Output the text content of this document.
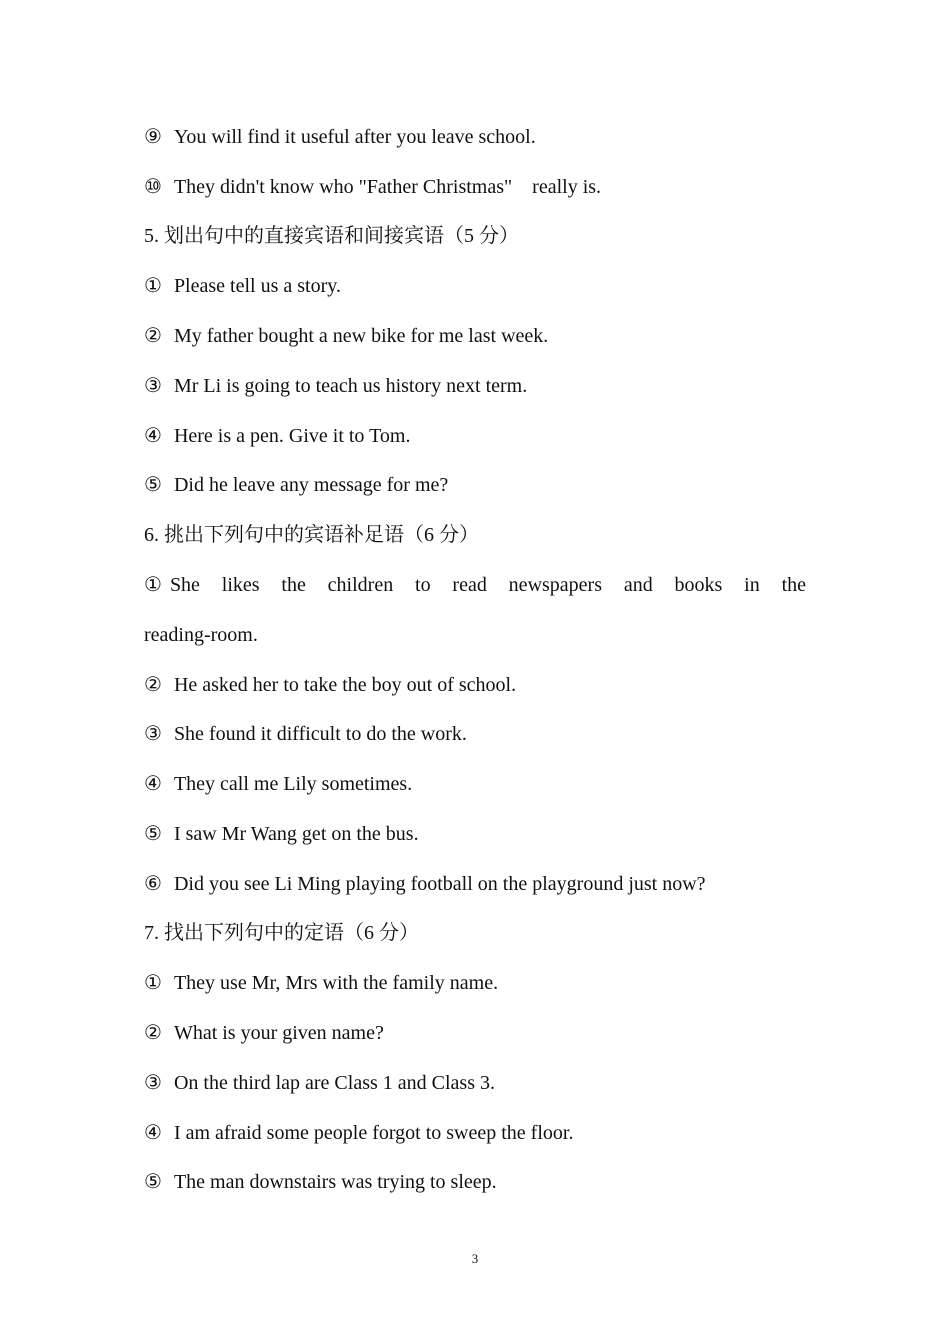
⑨ You will find it useful after you leave school.
⑩ They didn't know who "Father Christmas"    really is.
5. 划出句中的直接宾语和间接宾语（5 分）
① Please tell us a story.
② My father bought a new bike for me last week.
③ Mr Li is going to teach us history next term.
④ Here is a pen. Give it to Tom.
⑤ Did he leave any message for me?
6. 挑出下列句中的宾语补足语（6 分）
① She likes the children to read newspapers and books in the
reading-room.
② He asked her to take the boy out of school.
③ She found it difficult to do the work.
④ They call me Lily sometimes.
⑤ I saw Mr Wang get on the bus.
⑥ Did you see Li Ming playing football on the playground just now?
7. 找出下列句中的定语（6 分）
① They use Mr, Mrs with the family name.
② What is your given name?
③ On the third lap are Class 1 and Class 3.
④ I am afraid some people forgot to sweep the floor.
⑤ The man downstairs was trying to sleep.
3
